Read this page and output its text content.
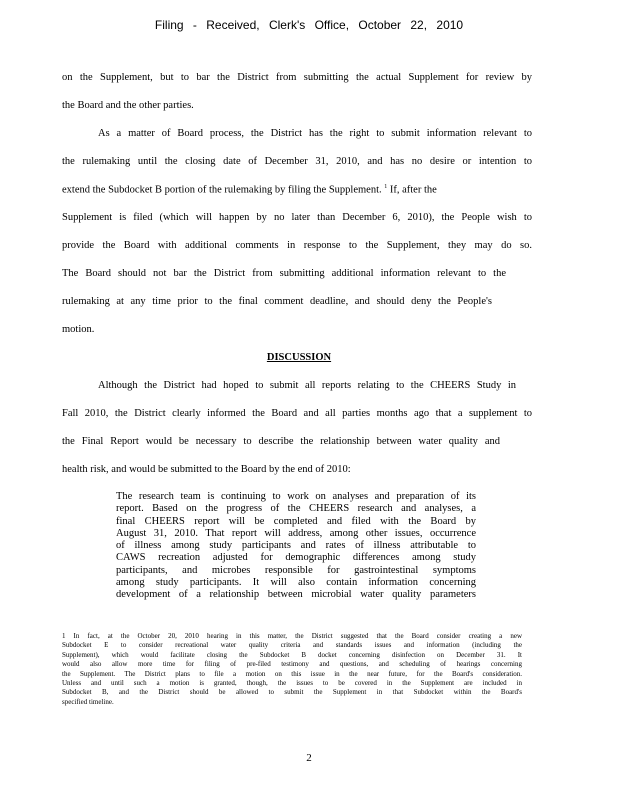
Filing - Received, Clerk's Office, October 22, 2010
on the Supplement, but to bar the District from submitting the actual Supplement for review by
the Board and the other parties.
As a matter of Board process, the District has the right to submit information relevant to
the rulemaking until the closing date of December 31, 2010, and has no desire or intention to
extend the Subdocket B portion of the rulemaking by filing the Supplement. $^1$ If, after the
Supplement is filed (which will happen by no later than December 6, 2010), the People wish to
provide the Board with additional comments in response to the Supplement, they may do so.
The Board should not bar the District from submitting additional information relevant to the
rulemaking at any time prior to the final comment deadline, and should deny the People's
motion.
DISCUSSION
Although the District had hoped to submit all reports relating to the CHEERS Study in
Fall 2010, the District clearly informed the Board and all parties months ago that a supplement to
the Final Report would be necessary to describe the relationship between water quality and
health risk, and would be submitted to the Board by the end of 2010:
The research team is continuing to work on analyses and preparation of its
report. Based on the progress of the CHEERS research and analyses, a
final CHEERS report will be completed and filed with the Board by
August 31, 2010. That report will address, among other issues, occurrence
of illness among study participants and rates of illness attributable to
CAWS recreation adjusted for demographic differences among study
participants, and microbes responsible for gastrointestinal symptoms
among study participants. It will also contain information concerning
development of a relationship between microbial water quality parameters
1 In fact, at the October 20, 2010 hearing in this matter, the District suggested that the Board consider creating a new
Subdocket E to consider recreational water quality criteria and standards issues and information (including the
Supplement), which would facilitate closing the Subdocket B docket concerning disinfection on December 31. It
would also allow more time for filing of pre-filed testimony and questions, and scheduling of hearings concerning
the Supplement. The District plans to file a motion on this issue in the near future, for the Board's consideration.
Unless and until such a motion is granted, though, the issues to be covered in the Supplement are included in
Subdocket B, and the District should be allowed to submit the Supplement in that Subdocket within the Board's
specified timeline.
2
